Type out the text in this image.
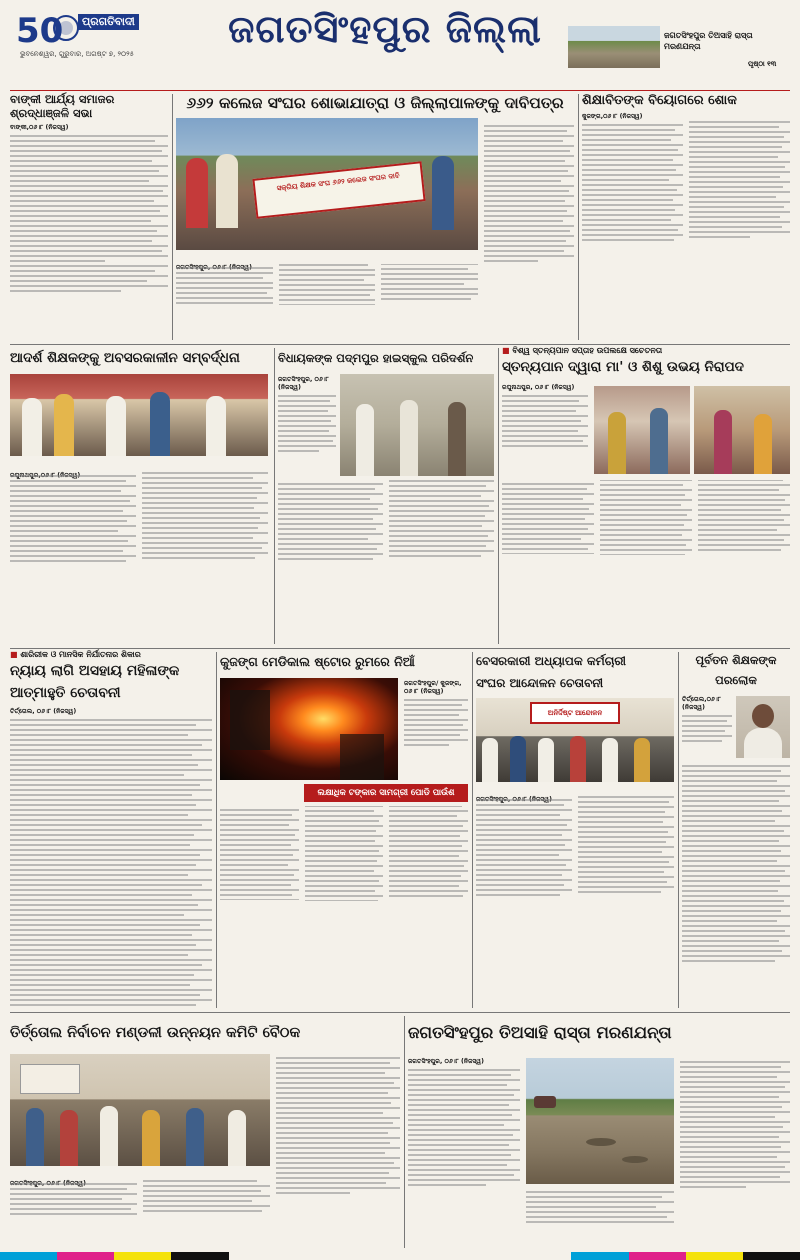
50	ପ୍ରଗତିବାଦୀ
ଭୁବନେଶ୍ୱର, ଗୁରୁବାର, ଅଗଷ୍ଟ ୭, ୨୦୨୫
ଜଗତସିଂହପୁର ଜିଲ୍ଲା	ଜଗତସିଂହପୁର ତିଅସାହି ରାସ୍ତା ମରଣଯନ୍ତା
ପୃଷ୍ଠା ୧୩
ବାଙ୍କୀ ଆର୍ଯ୍ୟ ସମାଜର ଶ୍ରଦ୍ଧାଞ୍ଜଳି ସଭା
ବାଙ୍କୀ,୦୬।୮ (ନିଜସ୍ୱ)
୬୬୨ କଲେଜ ସଂଘର ଶୋଭାଯାତ୍ରା ଓ ଜିଲ୍ଲାପାଳଙ୍କୁ ଦାବିପତ୍ର
ସକ୍ରିୟ ଶିକ୍ଷକ ସଂଘ ୬୬୨ କଲେଜ ସଂଘର ଦାବି
ଶିକ୍ଷାବିତଙ୍କ ବିୟୋଗରେ ଶୋକ
କୁଜଙ୍ଗ,୦୬।୮ (ନିଜସ୍ୱ)
ଆଦର୍ଶ ଶିକ୍ଷକଙ୍କୁ ଅବସରକାଳୀନ ସମ୍ବର୍ଦ୍ଧନା	ବିଧାୟକଙ୍କ ପଦ୍ମପୁର ହାଇସ୍କୁଲ ପରିଦର୍ଶନ
ଜଗତସିଂହପୁର, ୦୬।୮ (ନିଜସ୍ୱ)
■ ବିଶ୍ୱ ସ୍ତନ୍ୟପାନ ସପ୍ତାହ ଉପଲକ୍ଷେ ସଚେତନତା
ସ୍ତନ୍ୟପାନ ଦ୍ୱାରା ମା' ଓ ଶିଶୁ ଉଭୟ ନିରାପଦ
ରଘୁନାଥପୁର, ୦୬।୮ (ନିଜସ୍ୱ)
■ ଶାରିରୀକ ଓ ମାନସିକ ନିର୍ଯାତନାର ଶିକାର
ନ୍ୟାୟ ଲାଗି ଅସହାୟ ମହିଳାଙ୍କ
ଆତ୍ମାହୁତି ଚେତାବନୀ
ତିର୍ତ୍ତୋଲ, ୦୬।୮ (ନିଜସ୍ୱ)
କୁଜଙ୍ଗ ମେଡିକାଲ ଷ୍ଟୋର ରୁମରେ ନିଆଁ
ଜଗତସିଂହପୁର/ କୁଜଙ୍ଗ, ୦୬।୮ (ନିଜସ୍ୱ)
ଲକ୍ଷାଧିକ ଟଙ୍କାର ସାମଗ୍ରୀ ପୋଡି ପାଉଁଶ
ବେସରକାରୀ ଅଧ୍ୟାପକ କର୍ମଚାରୀ
ସଂଘର ଆନ୍ଦୋଳନ ଚେତାବନୀ
ଅନିର୍ଦ୍ଦିଷ୍ଟ ଆନ୍ଦୋଳନ
ପୂର୍ବତନ ଶିକ୍ଷକଙ୍କ
ପରଲୋକ
ତିର୍ତ୍ତୋଲ,୦୬।୮ (ନିଜସ୍ୱ)
ତିର୍ତ୍ତୋଲ ନିର୍ବାଚନ ମଣ୍ଡଳୀ ଉନ୍ନୟନ କମିଟି ବୈଠକ	ଜଗତସିଂହପୁର ତିଅସାହି ରାସ୍ତା ମରଣଯନ୍ତା
ଜଗତସିଂହପୁର, ୦୬।୮ (ନିଜସ୍ୱ)
